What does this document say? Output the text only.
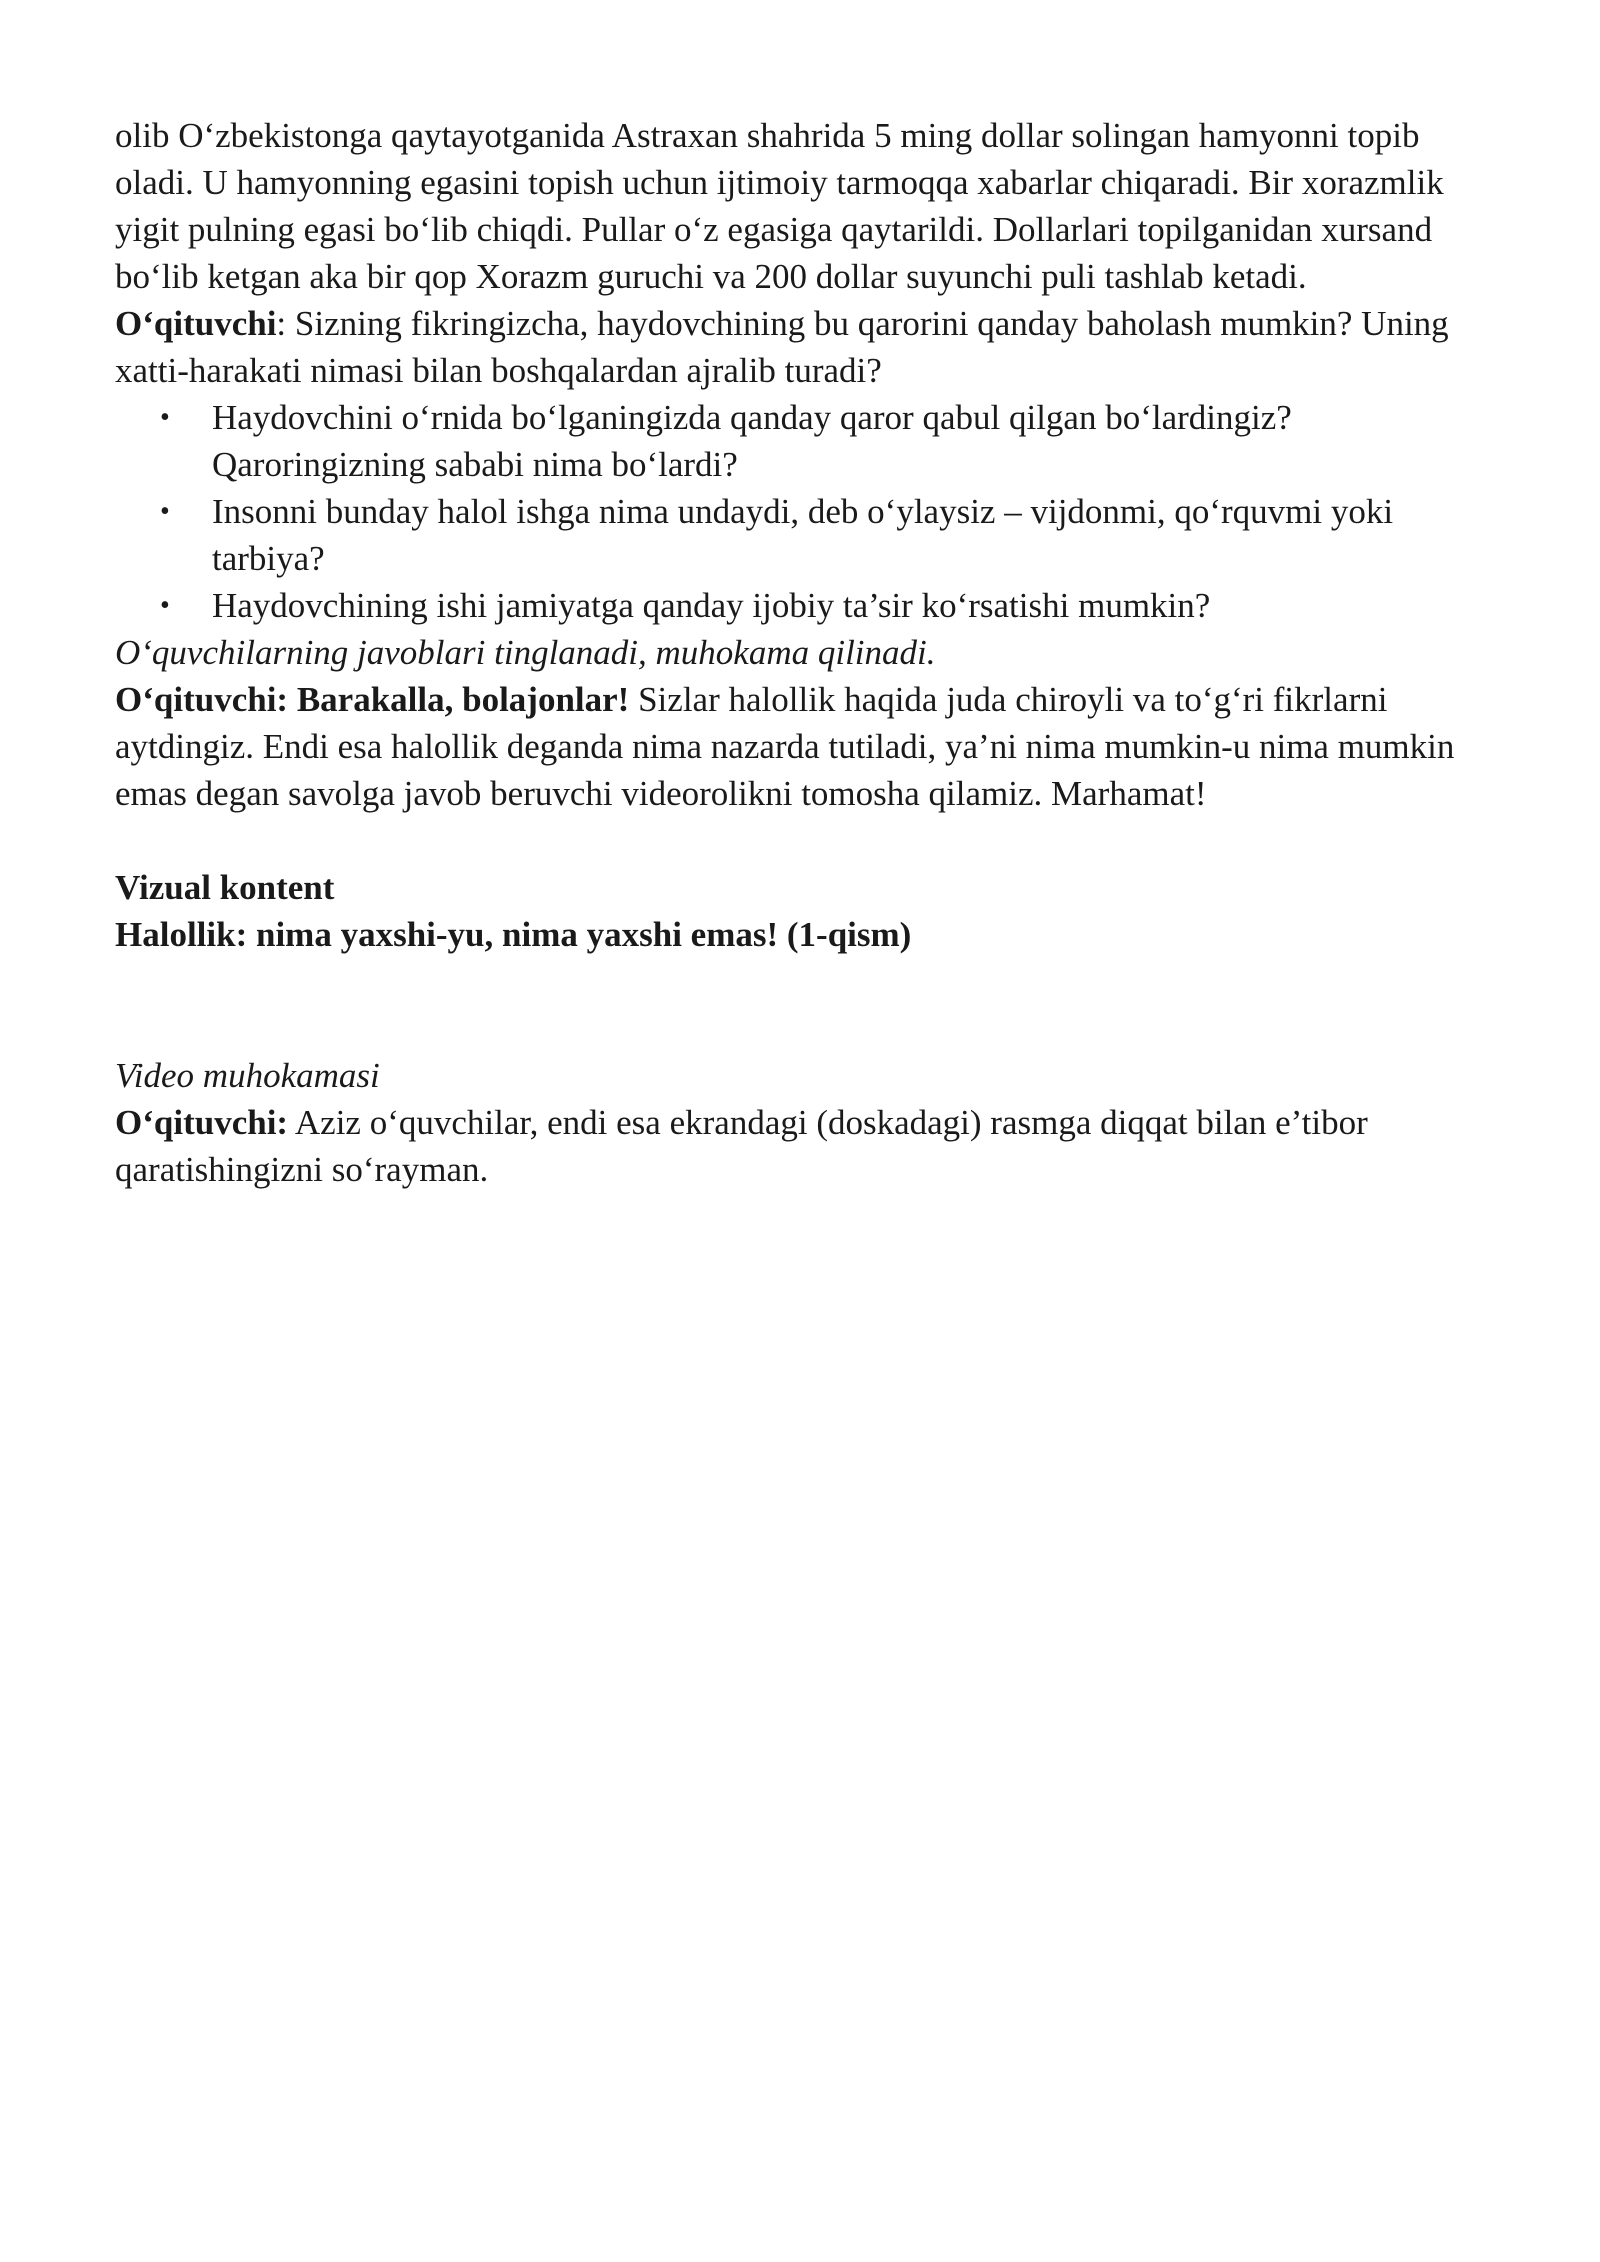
olib O‘zbekistonga qaytayotganida Astraxan shahrida 5 ming dollar solingan hamyonni topib oladi. U hamyonning egasini topish uchun ijtimoiy tarmoqqa xabarlar chiqaradi. Bir xorazmlik yigit pulning egasi bo‘lib chiqdi. Pullar o‘z egasiga qaytarildi. Dollarlari topilganidan xursand bo‘lib ketgan aka bir qop Xorazm guruchi va 200 dollar suyunchi puli tashlab ketadi.

O‘qituvchi: Sizning fikringizcha, haydovchining bu qarorini qanday baholash mumkin? Uning xatti-harakati nimasi bilan boshqalardan ajralib turadi?

• Haydovchini o‘rnida bo‘lganingizda qanday qaror qabul qilgan bo‘lardingiz? Qaroringizning sababi nima bo‘lardi?
• Insonni bunday halol ishga nima undaydi, deb o‘ylaysiz – vijdonmi, qo‘rquvmi yoki tarbiya?
• Haydovchining ishi jamiyatga qanday ijobiy ta’sir ko‘rsatishi mumkin?

O‘quvchilarning javoblari tinglanadi, muhokama qilinadi.

O‘qituvchi: Barakalla, bolajonlar! Sizlar halollik haqida juda chiroyli va to‘g‘ri fikrlarni aytdingiz. Endi esa halollik deganda nima nazarda tutiladi, ya’ni nima mumkin-u nima mumkin emas degan savolga javob beruvchi videorolikni tomosha qilamiz. Marhamat!

Vizual kontent

Halollik: nima yaxshi-yu, nima yaxshi emas! (1-qism)

Video muhokamasi

O‘qituvchi: Aziz o‘quvchilar, endi esa ekrandagi (doskadagi) rasmga diqqat bilan e’tibor qaratishingizni so‘rayman.
